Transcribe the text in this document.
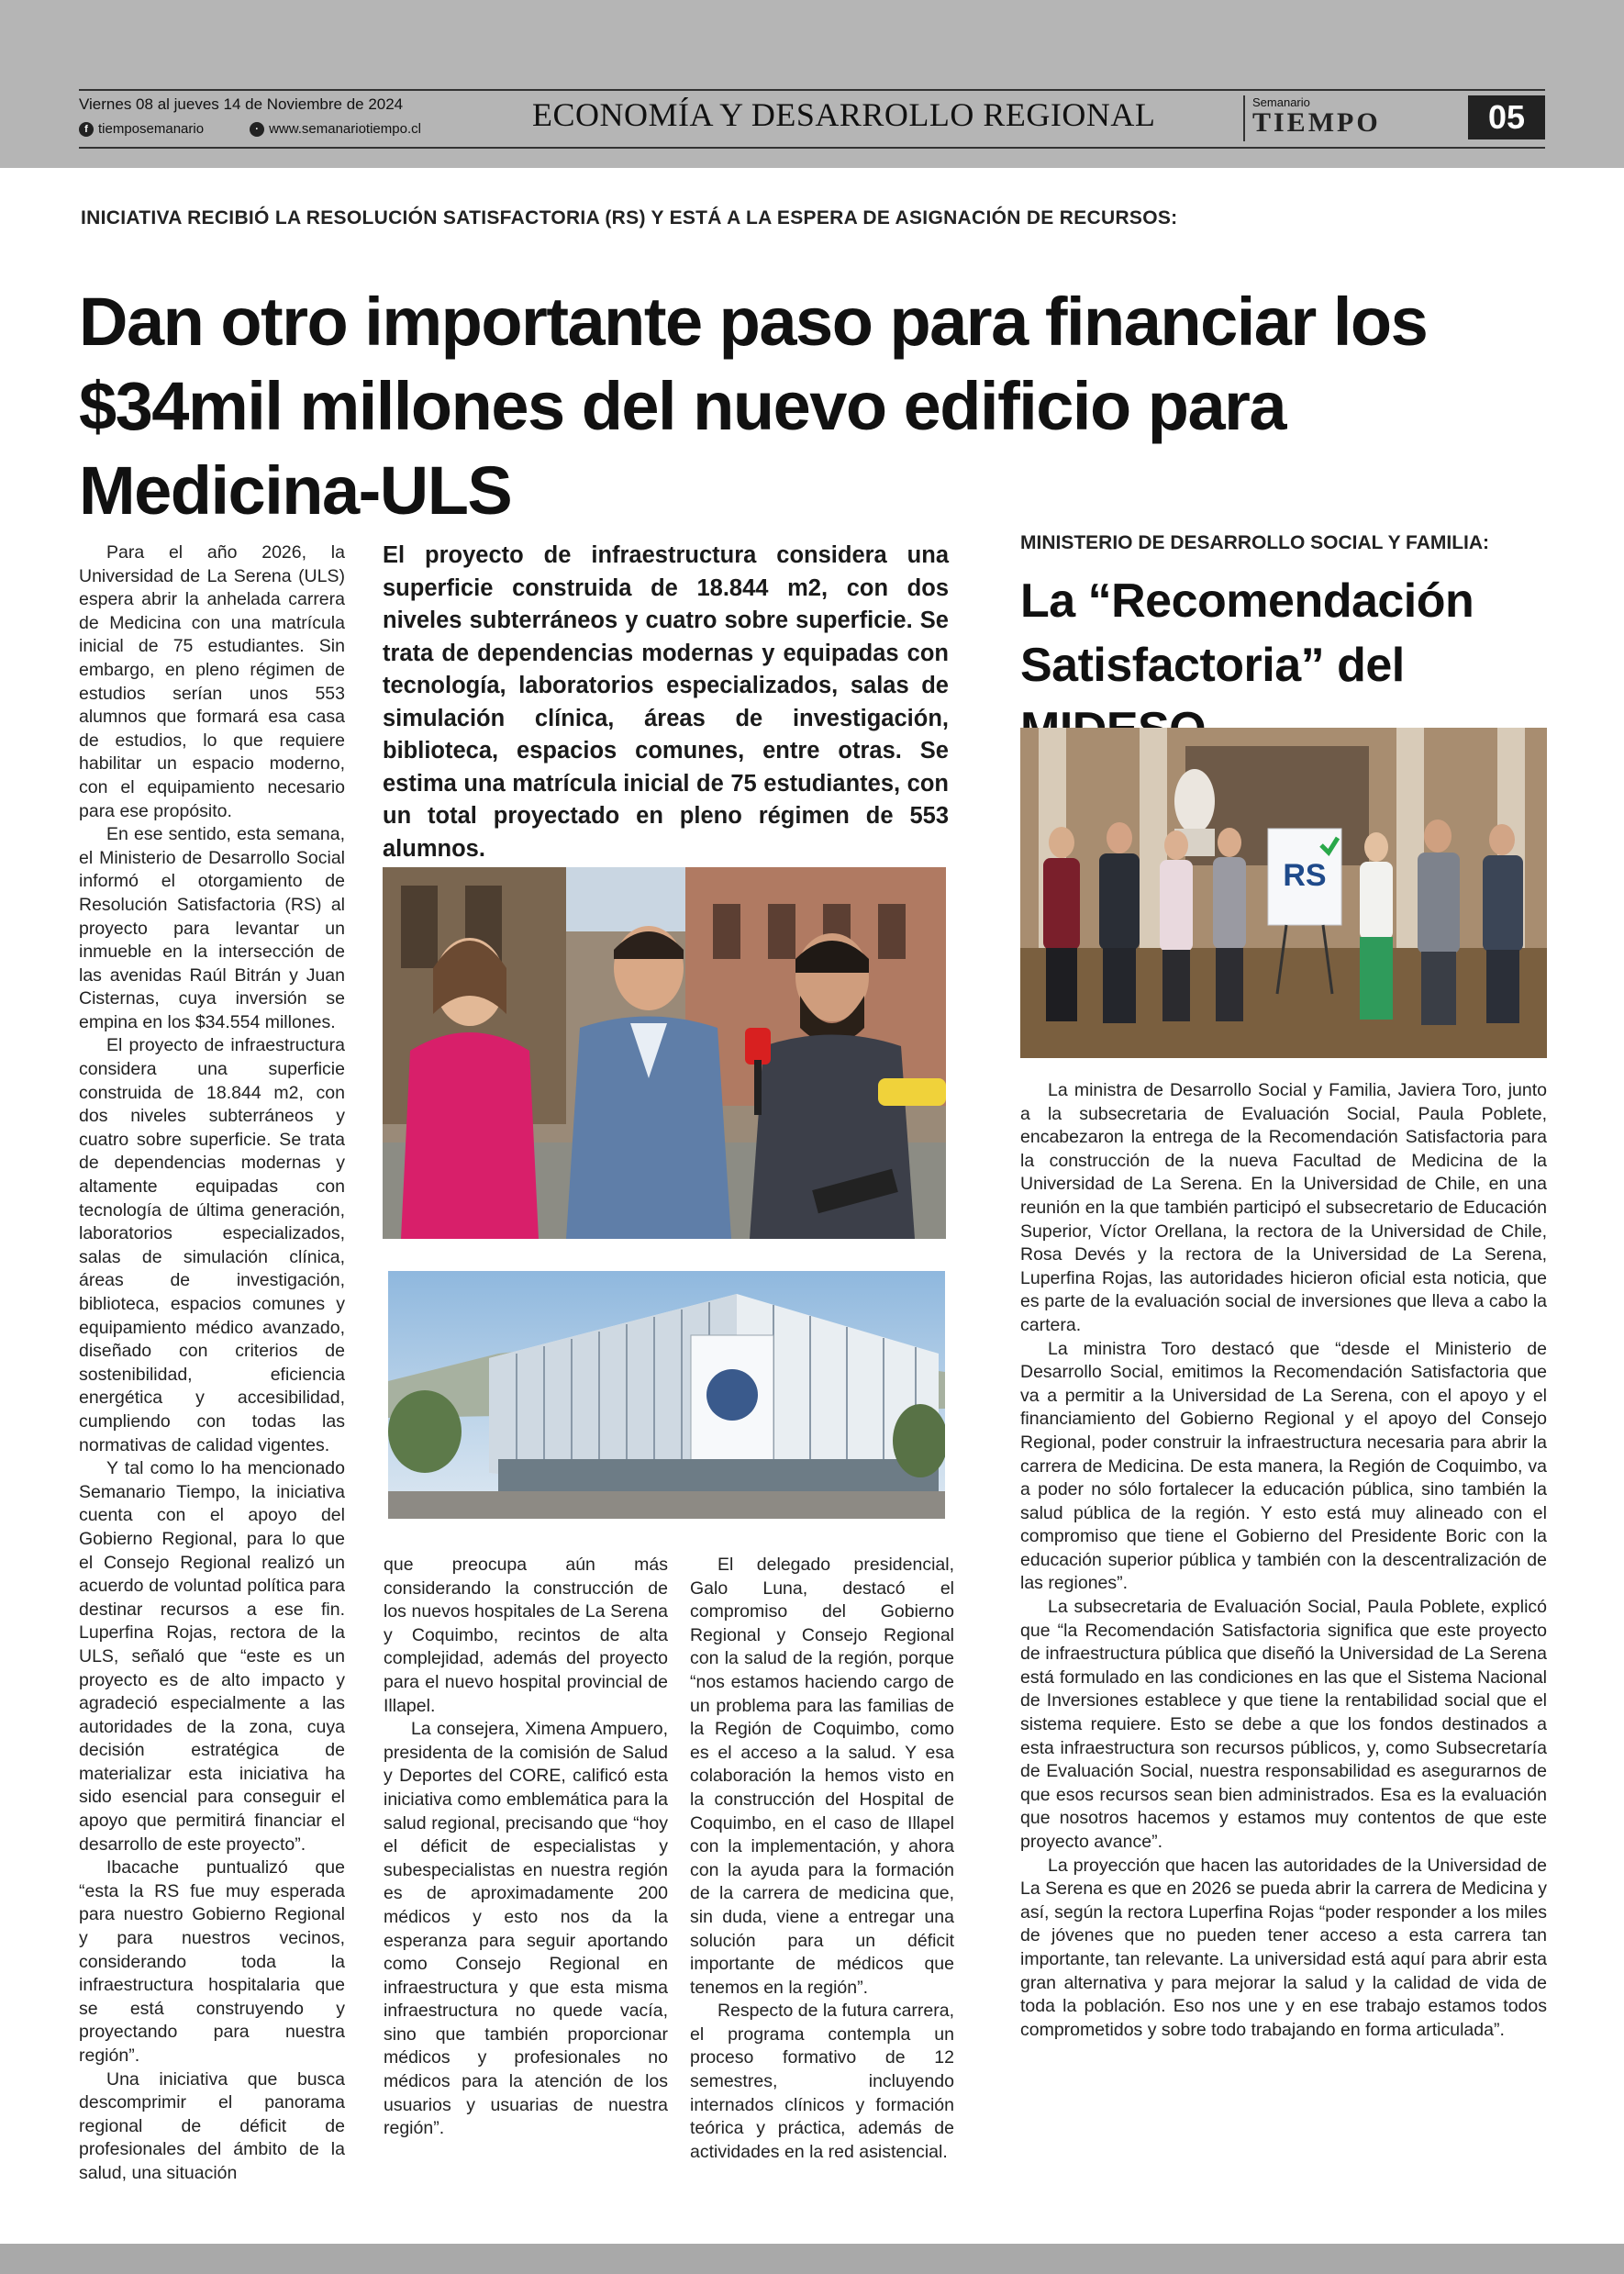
Viernes 08 al jueves 14 de Noviembre de 2024
f tiemposemanario	· www.semanariotiempo.cl	ECONOMÍA Y DESARROLLO REGIONAL	Semanario
TIEMPO	05
INICIATIVA RECIBIÓ LA RESOLUCIÓN SATISFACTORIA (RS) Y ESTÁ A LA ESPERA DE ASIGNACIÓN DE RECURSOS:
Dan otro importante paso para financiar los $34mil millones del nuevo edificio para Medicina-ULS

Para el año 2026, la Universidad de La Serena (ULS) espera abrir la anhelada carrera de Medicina con una matrícula inicial de 75 estudiantes. Sin embargo, en pleno régimen de estudios serían unos 553 alumnos que formará esa casa de estudios, lo que requiere habilitar un espacio moderno, con el equipamiento necesario para ese propósito.

En ese sentido, esta semana, el Ministerio de Desarrollo Social informó el otorgamiento de Resolución Satisfactoria (RS) al proyecto para levantar un inmueble en la intersección de las avenidas Raúl Bitrán y Juan Cisternas, cuya inversión se empina en los $34.554 millones.

El proyecto de infraestructura considera una superficie construida de 18.844 m2, con dos niveles subterráneos y cuatro sobre superficie. Se trata de dependencias modernas y altamente equipadas con tecnología de última generación, laboratorios especializados, salas de simulación clínica, áreas de investigación, biblioteca, espacios comunes y equipamiento médico avanzado, diseñado con criterios de sostenibilidad, eficiencia energética y accesibilidad, cumpliendo con todas las normativas de calidad vigentes.

Y tal como lo ha mencionado Semanario Tiempo, la iniciativa cuenta con el apoyo del Gobierno Regional, para lo que el Consejo Regional realizó un acuerdo de voluntad política para destinar recursos a ese fin. Luperfina Rojas, rectora de la ULS, señaló que “este es un proyecto es de alto impacto y agradeció especialmente a las autoridades de la zona, cuya decisión estratégica de materializar esta iniciativa ha sido esencial para conseguir el apoyo que permitirá financiar el desarrollo de este proyecto”.

Ibacache puntualizó que “esta la RS fue muy esperada para nuestro Gobierno Regional y para nuestros vecinos, considerando toda la infraestructura hospitalaria que se está construyendo y proyectando para nuestra región”.

Una iniciativa que busca descomprimir el panorama regional de déficit de profesionales del ámbito de la salud, una situación

El proyecto de infraestructura considera una superficie construida de 18.844 m2, con dos niveles subterráneos y cuatro sobre superficie. Se trata de dependencias modernas y equipadas con tecnología, laboratorios especializados, salas de simulación clínica, áreas de investigación, biblioteca, espacios comunes, entre otras. Se estima una matrícula inicial de 75 estudiantes, con un total proyectado en pleno régimen de 553 alumnos.

que preocupa aún más considerando la construcción de los nuevos hospitales de La Serena y Coquimbo, recintos de alta complejidad, además del proyecto para el nuevo hospital provincial de Illapel.

La consejera, Ximena Ampuero, presidenta de la comisión de Salud y Deportes del CORE, calificó esta iniciativa como emblemática para la salud regional, precisando que “hoy el déficit de especialistas y subespecialistas en nuestra región es de aproximadamente 200 médicos y esto nos da la esperanza para seguir aportando como Consejo Regional en infraestructura y que esta misma infraestructura no quede vacía, sino que también proporcionar médicos y profesionales no médicos para la atención de los usuarios y usuarias de nuestra región”.

El delegado presidencial, Galo Luna, destacó el compromiso del Gobierno Regional y Consejo Regional con la salud de la región, porque “nos estamos haciendo cargo de un problema para las familias de la Región de Coquimbo, como es el acceso a la salud. Y esa colaboración la hemos visto en la construcción del Hospital de Coquimbo, en el caso de Illapel con la implementación, y ahora con la ayuda para la formación de la carrera de medicina que, sin duda, viene a entregar una solución para un déficit importante de médicos que tenemos en la región”.

Respecto de la futura carrera, el programa contempla un proceso formativo de 12 semestres, incluyendo internados clínicos y formación teórica y práctica, además de actividades en la red asistencial.

MINISTERIO DE DESARROLLO SOCIAL Y FAMILIA:
La “Recomendación Satisfactoria” del
RS

La ministra de Desarrollo Social y Familia, Javiera Toro, junto a la subsecretaria de Evaluación Social, Paula Poblete, encabezaron la entrega de la Recomendación Satisfactoria para la construcción de la nueva Facultad de Medicina de la Universidad de La Serena. En la Universidad de Chile, en una reunión en la que también participó el subsecretario de Educación Superior, Víctor Orellana, la rectora de la Universidad de Chile, Rosa Devés y la rectora de la Universidad de La Serena, Luperfina Rojas, las autoridades hicieron oficial esta noticia, que es parte de la evaluación social de inversiones que lleva a cabo la cartera.

La ministra Toro destacó que “desde el Ministerio de Desarrollo Social, emitimos la Recomendación Satisfactoria que va a permitir a la Universidad de La Serena, con el apoyo y el financiamiento del Gobierno Regional y el apoyo del Consejo Regional, poder construir la infraestructura necesaria para abrir la carrera de Medicina. De esta manera, la Región de Coquimbo, va a poder no sólo fortalecer la educación pública, sino también la salud pública de la región. Y esto está muy alineado con el compromiso que tiene el Gobierno del Presidente Boric con la educación superior pública y también con la descentralización de las regiones”.

La subsecretaria de Evaluación Social, Paula Poblete, explicó que “la Recomendación Satisfactoria significa que este proyecto de infraestructura pública que diseñó la Universidad de La Serena está formulado en las condiciones en las que el Sistema Nacional de Inversiones establece y que tiene la rentabilidad social que el sistema requiere. Esto se debe a que los fondos destinados a esta infraestructura son recursos públicos, y, como Subsecretaría de Evaluación Social, nuestra responsabilidad es asegurarnos de que esos recursos sean bien administrados. Esa es la evaluación que nosotros hacemos y estamos muy contentos de que este proyecto avance”.

La proyección que hacen las autoridades de la Universidad de La Serena es que en 2026 se pueda abrir la carrera de Medicina y así, según la rectora Luperfina Rojas “poder responder a los miles de jóvenes que no pueden tener acceso a esta carrera tan importante, tan relevante. La universidad está aquí para abrir esta gran alternativa y para mejorar la salud y la calidad de vida de toda la población. Eso nos une y en ese trabajo estamos todos comprometidos y sobre todo trabajando en forma articulada”.
